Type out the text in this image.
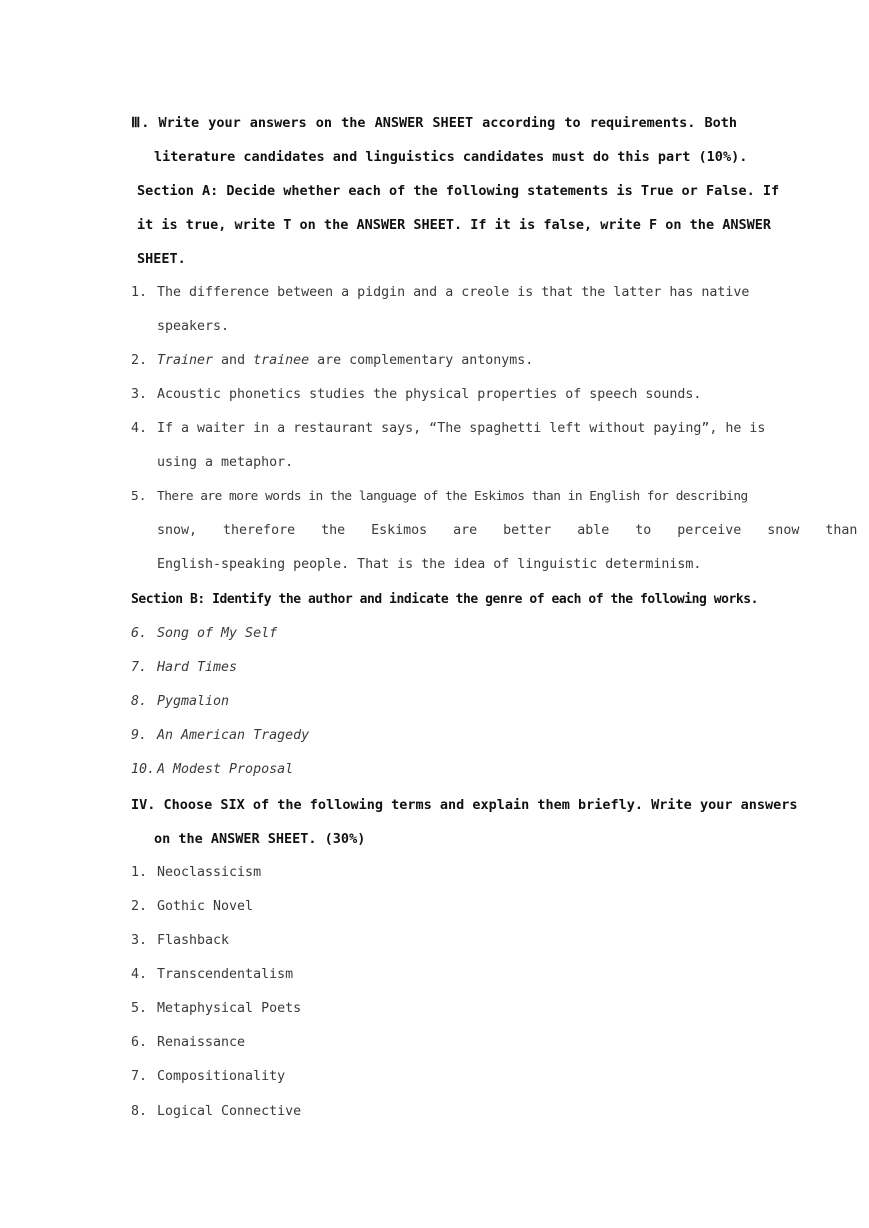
Ⅲ. Write your answers on the ANSWER SHEET according to requirements. Both
literature candidates and linguistics candidates must do this part (10%).
Section A: Decide whether each of the following statements is True or False. If
it is true, write T on the ANSWER SHEET. If it is false, write F on the ANSWER
SHEET.
1. The difference between a pidgin and a creole is that the latter has native
speakers.
2. Trainer and trainee are complementary antonyms.
3. Acoustic phonetics studies the physical properties of speech sounds.
4. If a waiter in a restaurant says, “The spaghetti left without paying”, he is
using a metaphor.
5. There are more words in the language of the Eskimos than in English for describing
snow, therefore the Eskimos are better able to perceive snow than
English-speaking people. That is the idea of linguistic determinism.
Section B: Identify the author and indicate the genre of each of the following works.
6. Song of My Self
7. Hard Times
8. Pygmalion
9. An American Tragedy
10. A Modest Proposal
IV. Choose SIX of the following terms and explain them briefly. Write your answers
on the ANSWER SHEET. (30%)
1. Neoclassicism
2. Gothic Novel
3. Flashback
4. Transcendentalism
5. Metaphysical Poets
6. Renaissance
7. Compositionality
8. Logical Connective
